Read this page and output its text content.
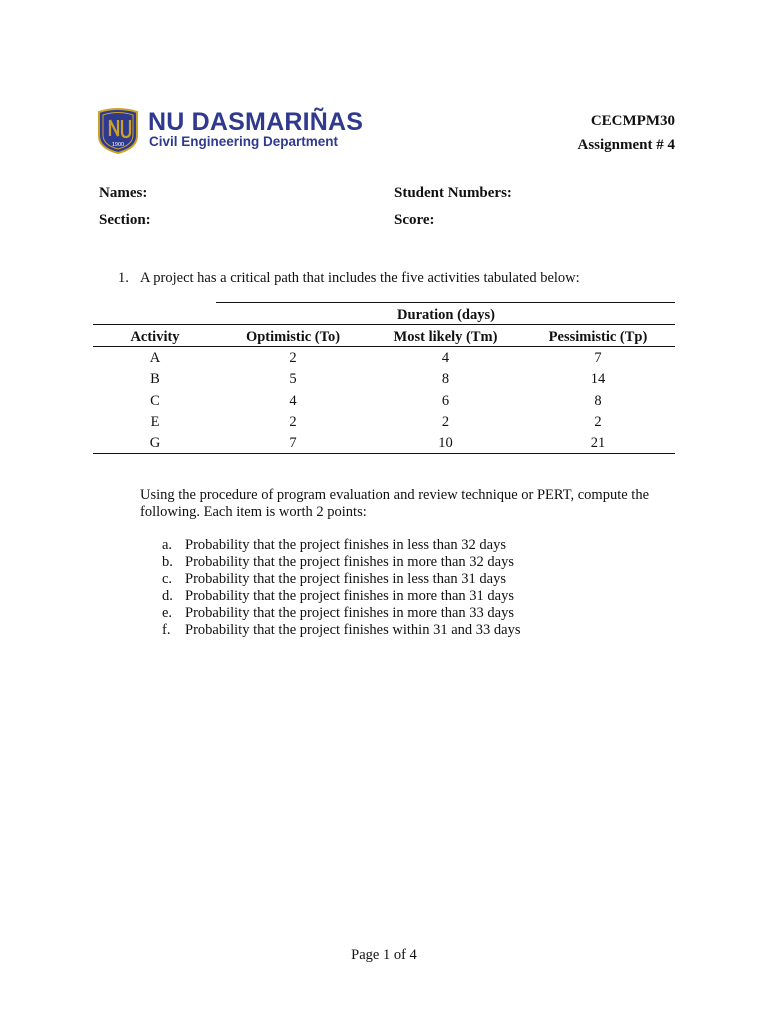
1900
NU DASMARIÑAS
Civil Engineering Department
CECMPM30
Assignment # 4
Names:	Student Numbers:
Section:	Score:
1. A project has a critical path that includes the five activities tabulated below:
Duration (days)
Activity	Optimistic (To)	Most likely (Tm)	Pessimistic (Tp)
A	2	4	7
B	5	8	14
C	4	6	8
E	2	2	2
G	7	10	21
Using the procedure of program evaluation and review technique or PERT, compute the following. Each item is worth 2 points:
a. Probability that the project finishes in less than 32 days
b. Probability that the project finishes in more than 32 days
c. Probability that the project finishes in less than 31 days
d. Probability that the project finishes in more than 31 days
e. Probability that the project finishes in more than 33 days
f.	Probability that the project finishes within 31 and 33 days
Page 1 of 4
